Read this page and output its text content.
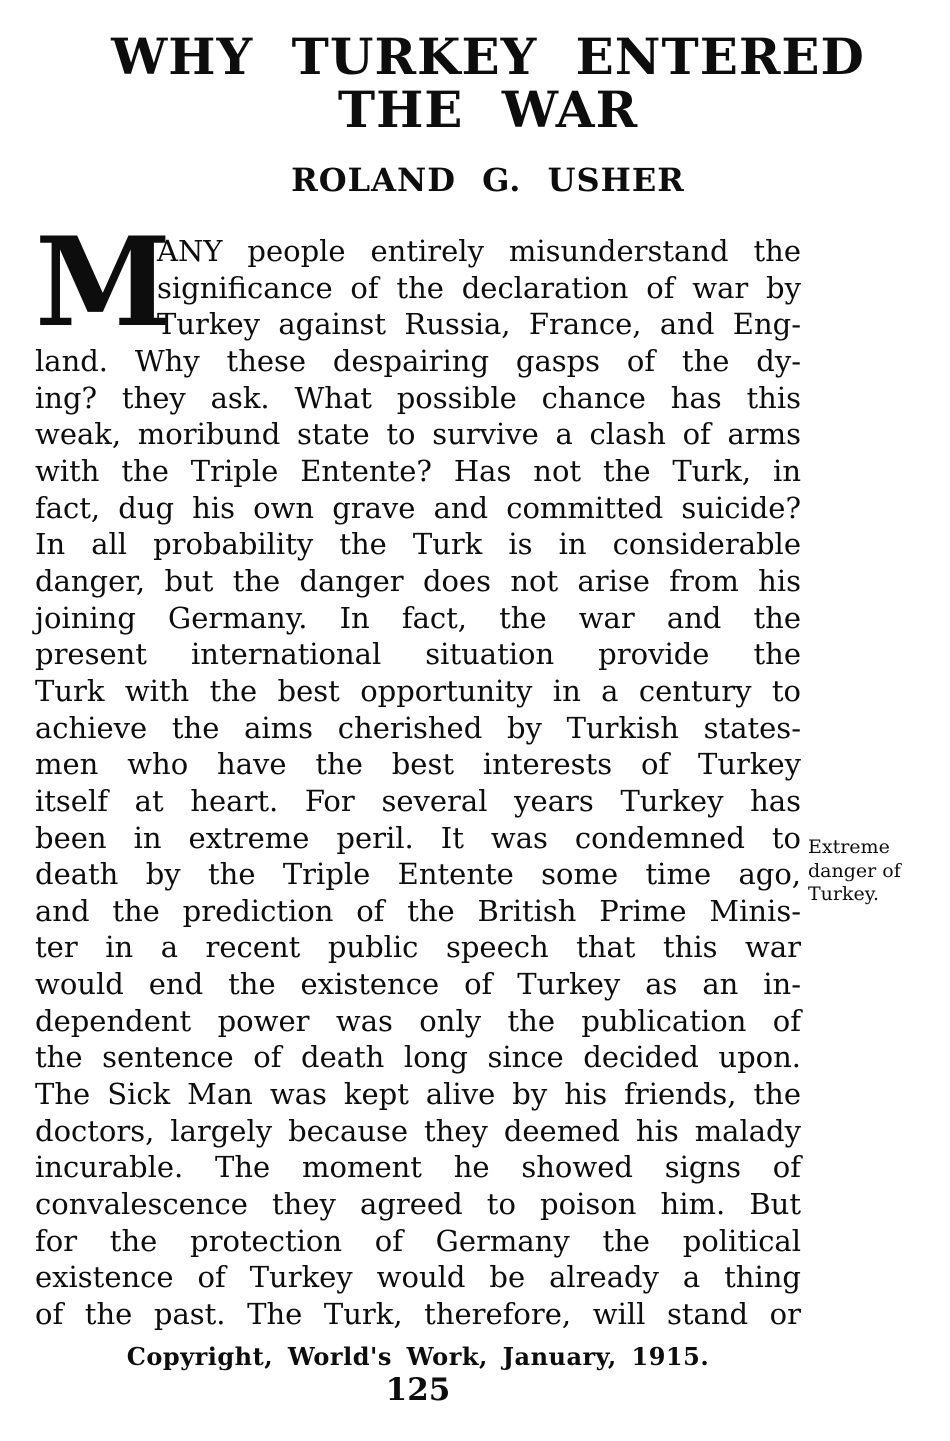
WHY TURKEY ENTERED
THE WAR
ROLAND G. USHER
M
ANY people entirely misunderstand the
significance of the declaration of war by
Turkey against Russia, France, and Eng-
land. Why these despairing gasps of the dy-
ing? they ask. What possible chance has this
weak, moribund state to survive a clash of arms
with the Triple Entente? Has not the Turk, in
fact, dug his own grave and committed suicide?
In all probability the Turk is in considerable
danger, but the danger does not arise from his
joining Germany. In fact, the war and the
present international situation provide the
Turk with the best opportunity in a century to
achieve the aims cherished by Turkish states-
men who have the best interests of Turkey
itself at heart. For several years Turkey has
been in extreme peril. It was condemned to
death by the Triple Entente some time ago,
and the prediction of the British Prime Minis-
ter in a recent public speech that this war
would end the existence of Turkey as an in-
dependent power was only the publication of
the sentence of death long since decided upon.
The Sick Man was kept alive by his friends, the
doctors, largely because they deemed his malady
incurable. The moment he showed signs of
convalescence they agreed to poison him. But
for the protection of Germany the political
existence of Turkey would be already a thing
of the past. The Turk, therefore, will stand or
Extreme
danger of
Turkey.
Copyright, World's Work, January, 1915.
125
